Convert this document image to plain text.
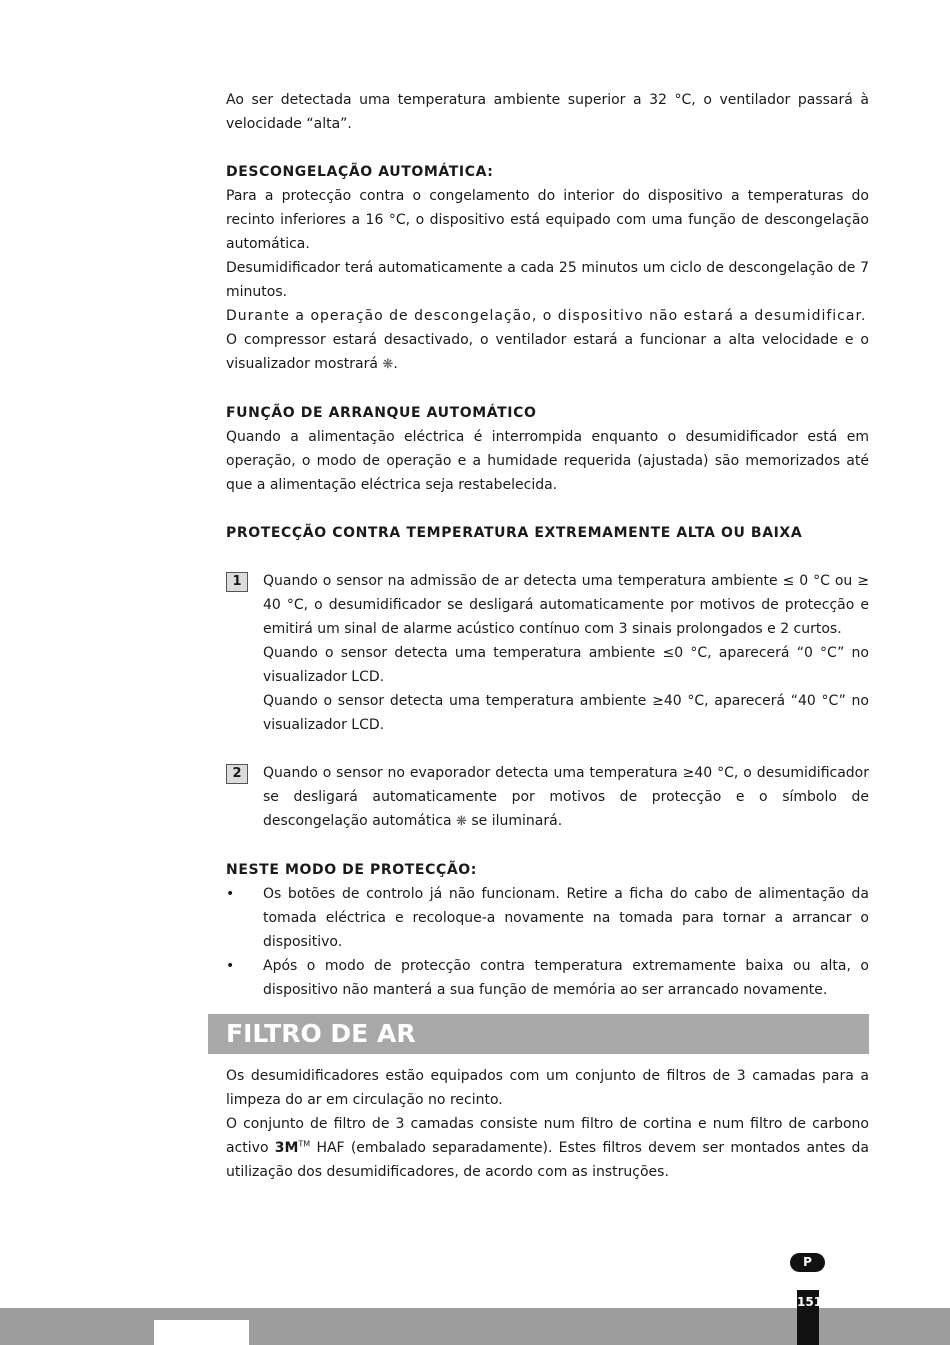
Ao ser detectada uma temperatura ambiente superior a 32 °C, o ventilador passará à velocidade “alta”.

DESCONGELAÇÃO AUTOMÁTICA:

Para a protecção contra o congelamento do interior do dispositivo a temperaturas do recinto inferiores a 16 °C, o dispositivo está equipado com uma função de descongelação automática.

Desumidificador terá automaticamente a cada 25 minutos um ciclo de descongelação de 7 minutos.

Durante a operação de descongelação, o dispositivo não estará a desumidificar.

O compressor estará desactivado, o ventilador estará a funcionar a alta velocidade e o visualizador mostrará ❋.

FUNÇÃO DE ARRANQUE AUTOMÁTICO

Quando a alimentação eléctrica é interrompida enquanto o desumidificador está em operação, o modo de operação e a humidade requerida (ajustada) são memorizados até que a alimentação eléctrica seja restabelecida.

PROTECÇÃO CONTRA TEMPERATURA EXTREMAMENTE ALTA OU BAIXA
1	Quando o sensor na admissão de ar detecta uma temperatura ambiente ≤ 0 °C ou ≥ 40 °C, o desumidificador se desligará automaticamente por motivos de protecção e emitirá um sinal de alarme acústico contínuo com 3 sinais prolongados e 2 curtos.

Quando o sensor detecta uma temperatura ambiente ≤0 °C, aparecerá “0 °C” no visualizador LCD.

Quando o sensor detecta uma temperatura ambiente ≥40 °C, aparecerá “40 °C” no visualizador LCD.

2	Quando o sensor no evaporador detecta uma temperatura ≥40 °C, o desumidificador se desligará automaticamente por motivos de protecção e o símbolo de descongelação automática ❋ se iluminará.

NESTE MODO DE PROTECÇÃO:
• Os botões de controlo já não funcionam. Retire a ficha do cabo de alimentação da tomada eléctrica e recoloque-a novamente na tomada para tornar a arrancar o dispositivo.

• Após o modo de protecção contra temperatura extremamente baixa ou alta, o dispositivo não manterá a sua função de memória ao ser arrancado novamente.

FILTRO DE AR

Os desumidificadores estão equipados com um conjunto de filtros de 3 camadas para a limpeza do ar em circulação no recinto.

O conjunto de filtro de 3 camadas consiste num filtro de cortina e num filtro de carbono activo 3M™ HAF (embalado separadamente). Estes filtros devem ser montados antes da utilização dos desumidificadores, de acordo com as instruções.

P
151
